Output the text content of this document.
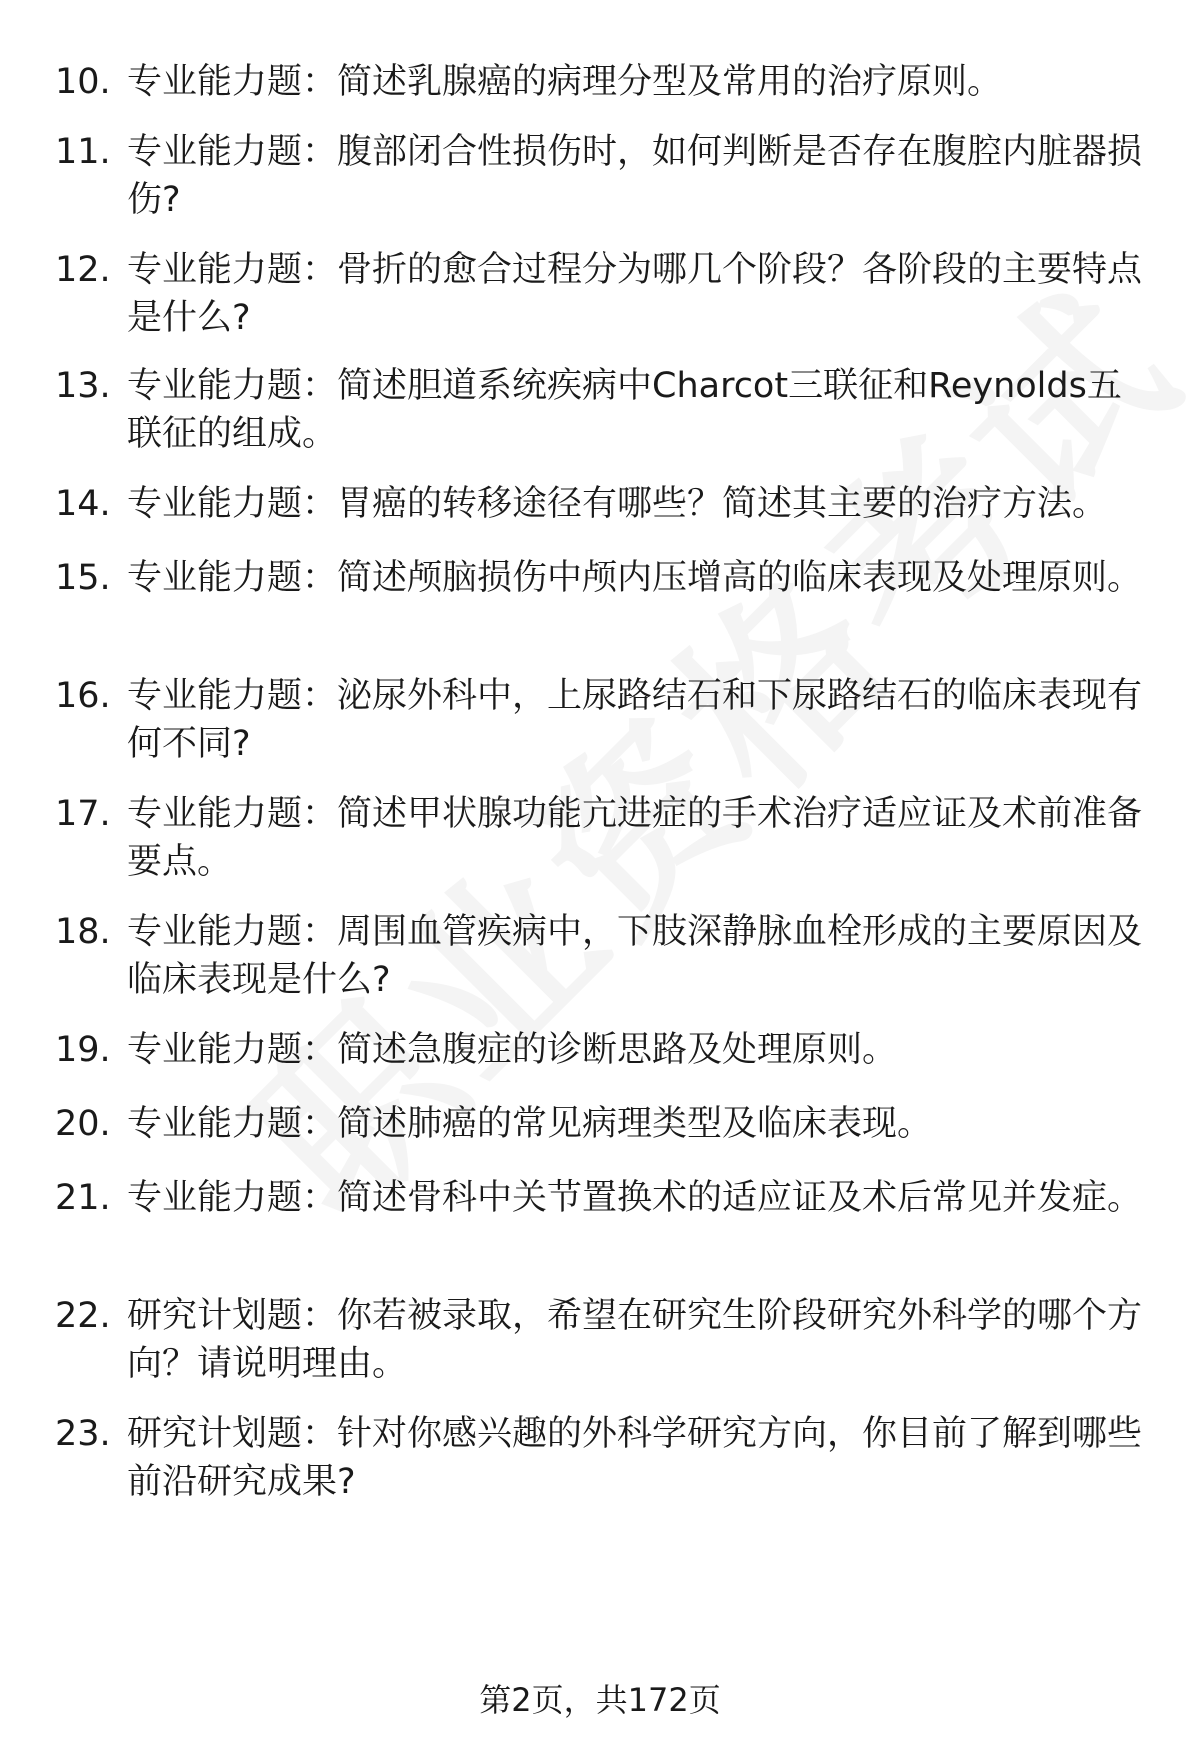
10. 专业能力题：简述乳腺癌的病理分型及常用的治疗原则。
11. 专业能力题：腹部闭合性损伤时，如何判断是否存在腹腔内脏器损伤?
12. 专业能力题：骨折的愈合过程分为哪几个阶段？各阶段的主要特点是什么?
13. 专业能力题：简述胆道系统疾病中Charcot三联征和Reynolds五联征的组成。
14. 专业能力题：胃癌的转移途径有哪些？简述其主要的治疗方法。
15. 专业能力题：简述颅脑损伤中颅内压增高的临床表现及处理原则。
16. 专业能力题：泌尿外科中，上尿路结石和下尿路结石的临床表现有何不同?
17. 专业能力题：简述甲状腺功能亢进症的手术治疗适应证及术前准备要点。
18. 专业能力题：周围血管疾病中，下肢深静脉血栓形成的主要原因及临床表现是什么?
19. 专业能力题：简述急腹症的诊断思路及处理原则。
20. 专业能力题：简述肺癌的常见病理类型及临床表现。
21. 专业能力题：简述骨科中关节置换术的适应证及术后常见并发症。
22. 研究计划题：你若被录取，希望在研究生阶段研究外科学的哪个方向？请说明理由。
23. 研究计划题：针对你感兴趣的外科学研究方向，你目前了解到哪些前沿研究成果?
第2页，共172页
